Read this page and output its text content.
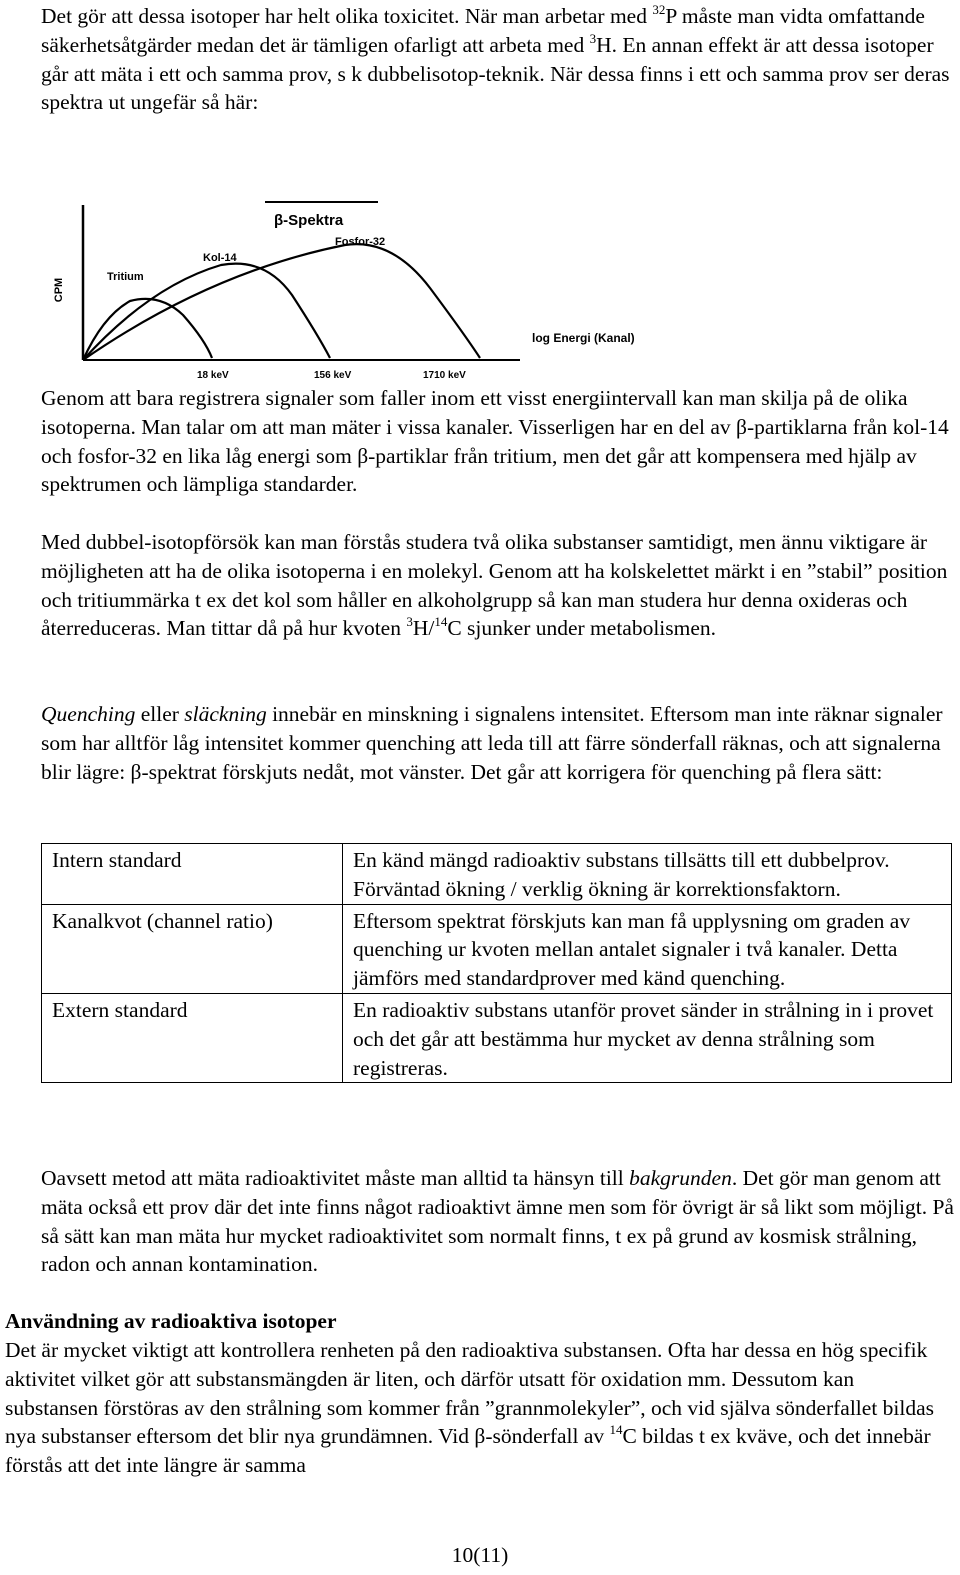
Det gör att dessa isotoper har helt olika toxicitet. När man arbetar med $^{32}$P måste man vidta omfattande säkerhetsåtgärder medan det är tämligen ofarligt att arbeta med $^3$H. En annan effekt är att dessa isotoper går att mäta i ett och samma prov, s k dubbelisotop-teknik. När dessa finns i ett och samma prov ser deras spektra ut ungefär så här:

β-Spektra
CPM
Tritium
Kol-14
Fosfor-32
18 keV	156 keV	1710 keV
log Energi (Kanal)

Genom att bara registrera signaler som faller inom ett visst energiintervall kan man skilja på de olika isotoperna. Man talar om att man mäter i vissa kanaler. Visserligen har en del av β-partiklarna från kol-14 och fosfor-32 en lika låg energi som β-partiklar från tritium, men det går att kompensera med hjälp av spektrumen och lämpliga standarder.

Med dubbel-isotopförsök kan man förstås studera två olika substanser samtidigt, men ännu viktigare är möjligheten att ha de olika isotoperna i en molekyl. Genom att ha kolskelettet märkt i en ”stabil” position och tritiummärka t ex det kol som håller en alkoholgrupp så kan man studera hur denna oxideras och återreduceras. Man tittar då på hur kvoten $^3$H/$^{14}$C sjunker under metabolismen.

Quenching eller släckning innebär en minskning i signalens intensitet. Eftersom man inte räknar signaler som har alltför låg intensitet kommer quenching att leda till att färre sönderfall räknas, och att signalerna blir lägre: β-spektrat förskjuts nedåt, mot vänster. Det går att korrigera för quenching på flera sätt:

Intern standard	En känd mängd radioaktiv substans tillsätts till ett dubbelprov. Förväntad ökning / verklig ökning är korrektionsfaktorn.
Kanalkvot (channel ratio)	Eftersom spektrat förskjuts kan man få upplysning om graden av quenching ur kvoten mellan antalet signaler i två kanaler. Detta jämförs med standardprover med känd quenching.
Extern standard	En radioaktiv substans utanför provet sänder in strålning in i provet och det går att bestämma hur mycket av denna strålning som registreras.

Oavsett metod att mäta radioaktivitet måste man alltid ta hänsyn till bakgrunden. Det gör man genom att mäta också ett prov där det inte finns något radioaktivt ämne men som för övrigt är så likt som möjligt. På så sätt kan man mäta hur mycket radioaktivitet som normalt finns, t ex på grund av kosmisk strålning, radon och annan kontamination.

Användning av radioaktiva isotoper

Det är mycket viktigt att kontrollera renheten på den radioaktiva substansen. Ofta har dessa en hög specifik aktivitet vilket gör att substansmängden är liten, och därför utsatt för oxidation mm. Dessutom kan substansen förstöras av den strålning som kommer från ”grannmolekyler”, och vid själva sönderfallet bildas nya substanser eftersom det blir nya grundämnen. Vid β-sönderfall av $^{14}$C bildas t ex kväve, och det innebär förstås att det inte längre är samma

10(11)
